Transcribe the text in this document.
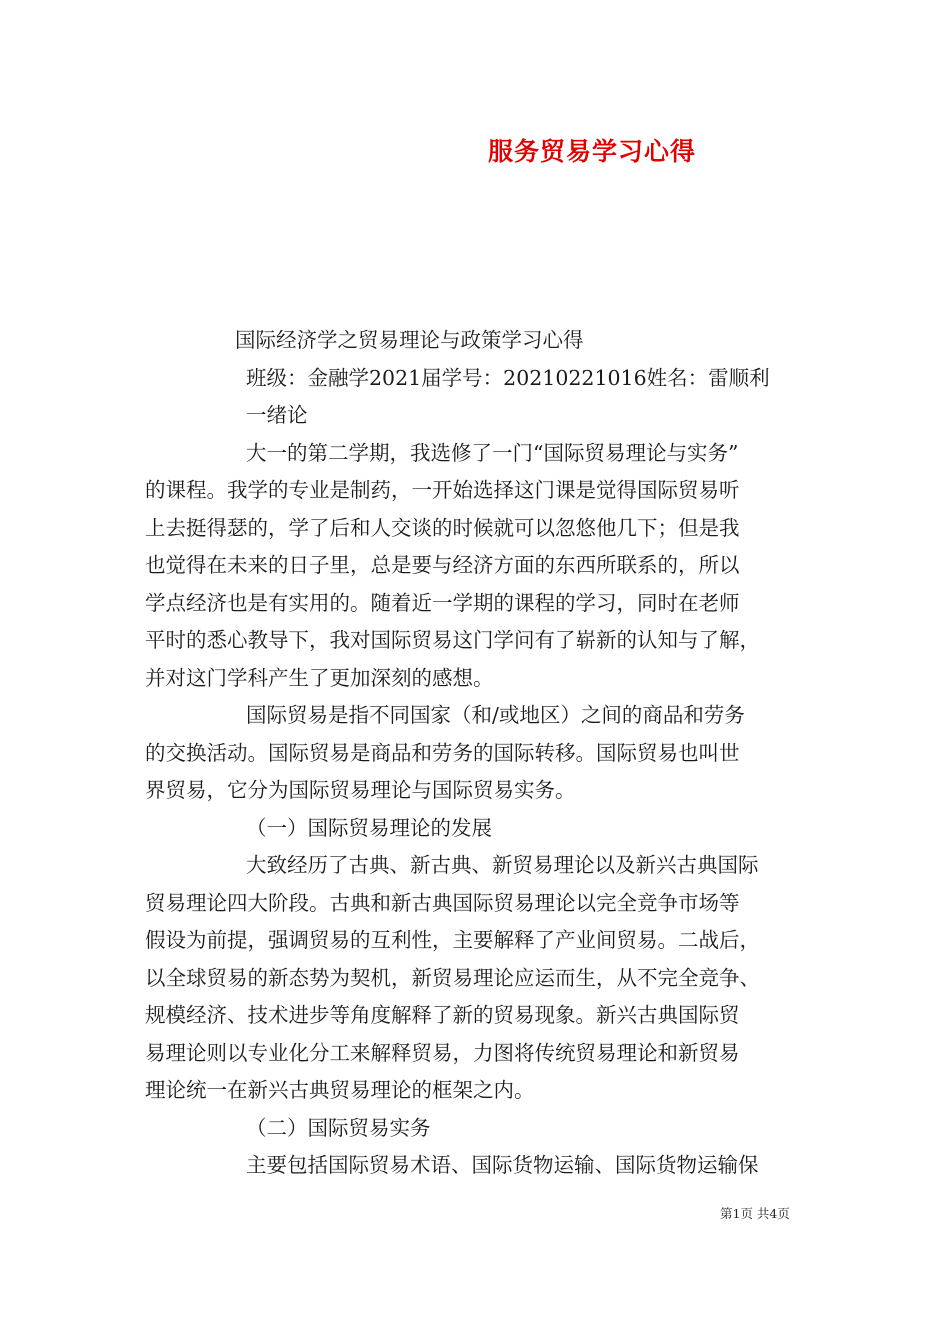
服务贸易学习心得
国际经济学之贸易理论与政策学习心得
班级：金融学2021届学号：20210221016姓名：雷顺利
一绪论
大一的第二学期，我选修了一门“国际贸易理论与实务”
的课程。我学的专业是制药，一开始选择这门课是觉得国际贸易听
上去挺得瑟的，学了后和人交谈的时候就可以忽悠他几下；但是我
也觉得在未来的日子里，总是要与经济方面的东西所联系的，所以
学点经济也是有实用的。随着近一学期的课程的学习，同时在老师
平时的悉心教导下，我对国际贸易这门学问有了崭新的认知与了解，
并对这门学科产生了更加深刻的感想。
国际贸易是指不同国家（和/或地区）之间的商品和劳务
的交换活动。国际贸易是商品和劳务的国际转移。国际贸易也叫世
界贸易，它分为国际贸易理论与国际贸易实务。
（一）国际贸易理论的发展
大致经历了古典、新古典、新贸易理论以及新兴古典国际
贸易理论四大阶段。古典和新古典国际贸易理论以完全竞争市场等
假设为前提，强调贸易的互利性，主要解释了产业间贸易。二战后，
以全球贸易的新态势为契机，新贸易理论应运而生，从不完全竞争、
规模经济、技术进步等角度解释了新的贸易现象。新兴古典国际贸
易理论则以专业化分工来解释贸易，力图将传统贸易理论和新贸易
理论统一在新兴古典贸易理论的框架之内。
（二）国际贸易实务
主要包括国际贸易术语、国际货物运输、国际货物运输保
第1页 共4页
